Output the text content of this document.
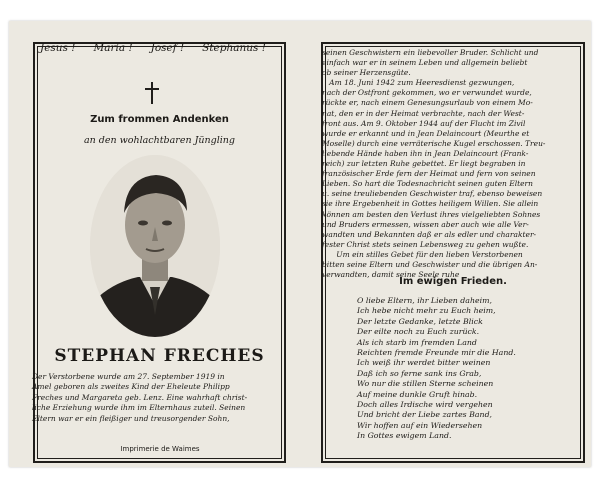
Jesus ! Maria ! Josef ! Stephanus !
Zum frommen Andenken
an den wohlachtbaren Jüngling
STEPHAN FRECHES
Der Verstorbene wurde am 27. September 1919 in
Amel geboren als zweites Kind der Eheleute Philipp
Freches und Margareta geb. Lenz. Eine wahrhaft christ-
liche Erziehung wurde ihm im Elternhaus zuteil. Seinen
Eltern war er ein fleißiger und treusorgender Sohn,
Imprimerie de Waimes
seinen Geschwistern ein liebevoller Bruder. Schlicht und
einfach war er in seinem Leben und allgemein beliebt
ob seiner Herzensgüte.
Am 18. Juni 1942 zum Heeresdienst gezwungen,
nach der Ostfront gekommen, wo er verwundet wurde,
rückte er, nach einem Genesungsurlaub von einem Mo-
nat, den er in der Heimat verbrachte, nach der West-
front aus. Am 9. Oktober 1944 auf der Flucht im Zivil
wurde er erkannt und in Jean Delaincourt (Meurthe et
Moselle) durch eine verräterische Kugel erschossen. Treu-
liebende Hände haben ihn in Jean Delaincourt (Frank-
reich) zur letzten Ruhe gebettet. Er liegt begraben in
französischer Erde fern der Heimat und fern von seinen
Lieben. So hart die Todesnachricht seinen guten Eltern
u. seine treuliebenden Geschwister traf, ebenso beweisen
sie ihre Ergebenheit in Gottes heiligem Willen. Sie allein
können am besten den Verlust ihres vielgeliebten Sohnes
und Bruders ermessen, wissen aber auch wie alle Ver-
wandten und Bekannten daß er als edler und charakter-
fester Christ stets seinen Lebensweg zu gehen wußte.
Um ein stilles Gebet für den lieben Verstorbenen
bitten seine Eltern und Geschwister und die übrigen An-
verwandten, damit seine Seele ruhe
Im ewigen Frieden.
O liebe Eltern, ihr Lieben daheim,
Ich hebe nicht mehr zu Euch heim,
Der letzte Gedanke, letzte Blick
Der eilte noch zu Euch zurück.
Als ich starb im fremden Land
Reichten fremde Freunde mir die Hand.
Ich weiß ihr werdet bitter weinen
Daß ich so ferne sank ins Grab,
Wo nur die stillen Sterne scheinen
Auf meine dunkle Gruft hinab.
Doch alles Irdische wird vergehen
Und bricht der Liebe zartes Band,
Wir hoffen auf ein Wiedersehen
In Gottes ewigem Land.
